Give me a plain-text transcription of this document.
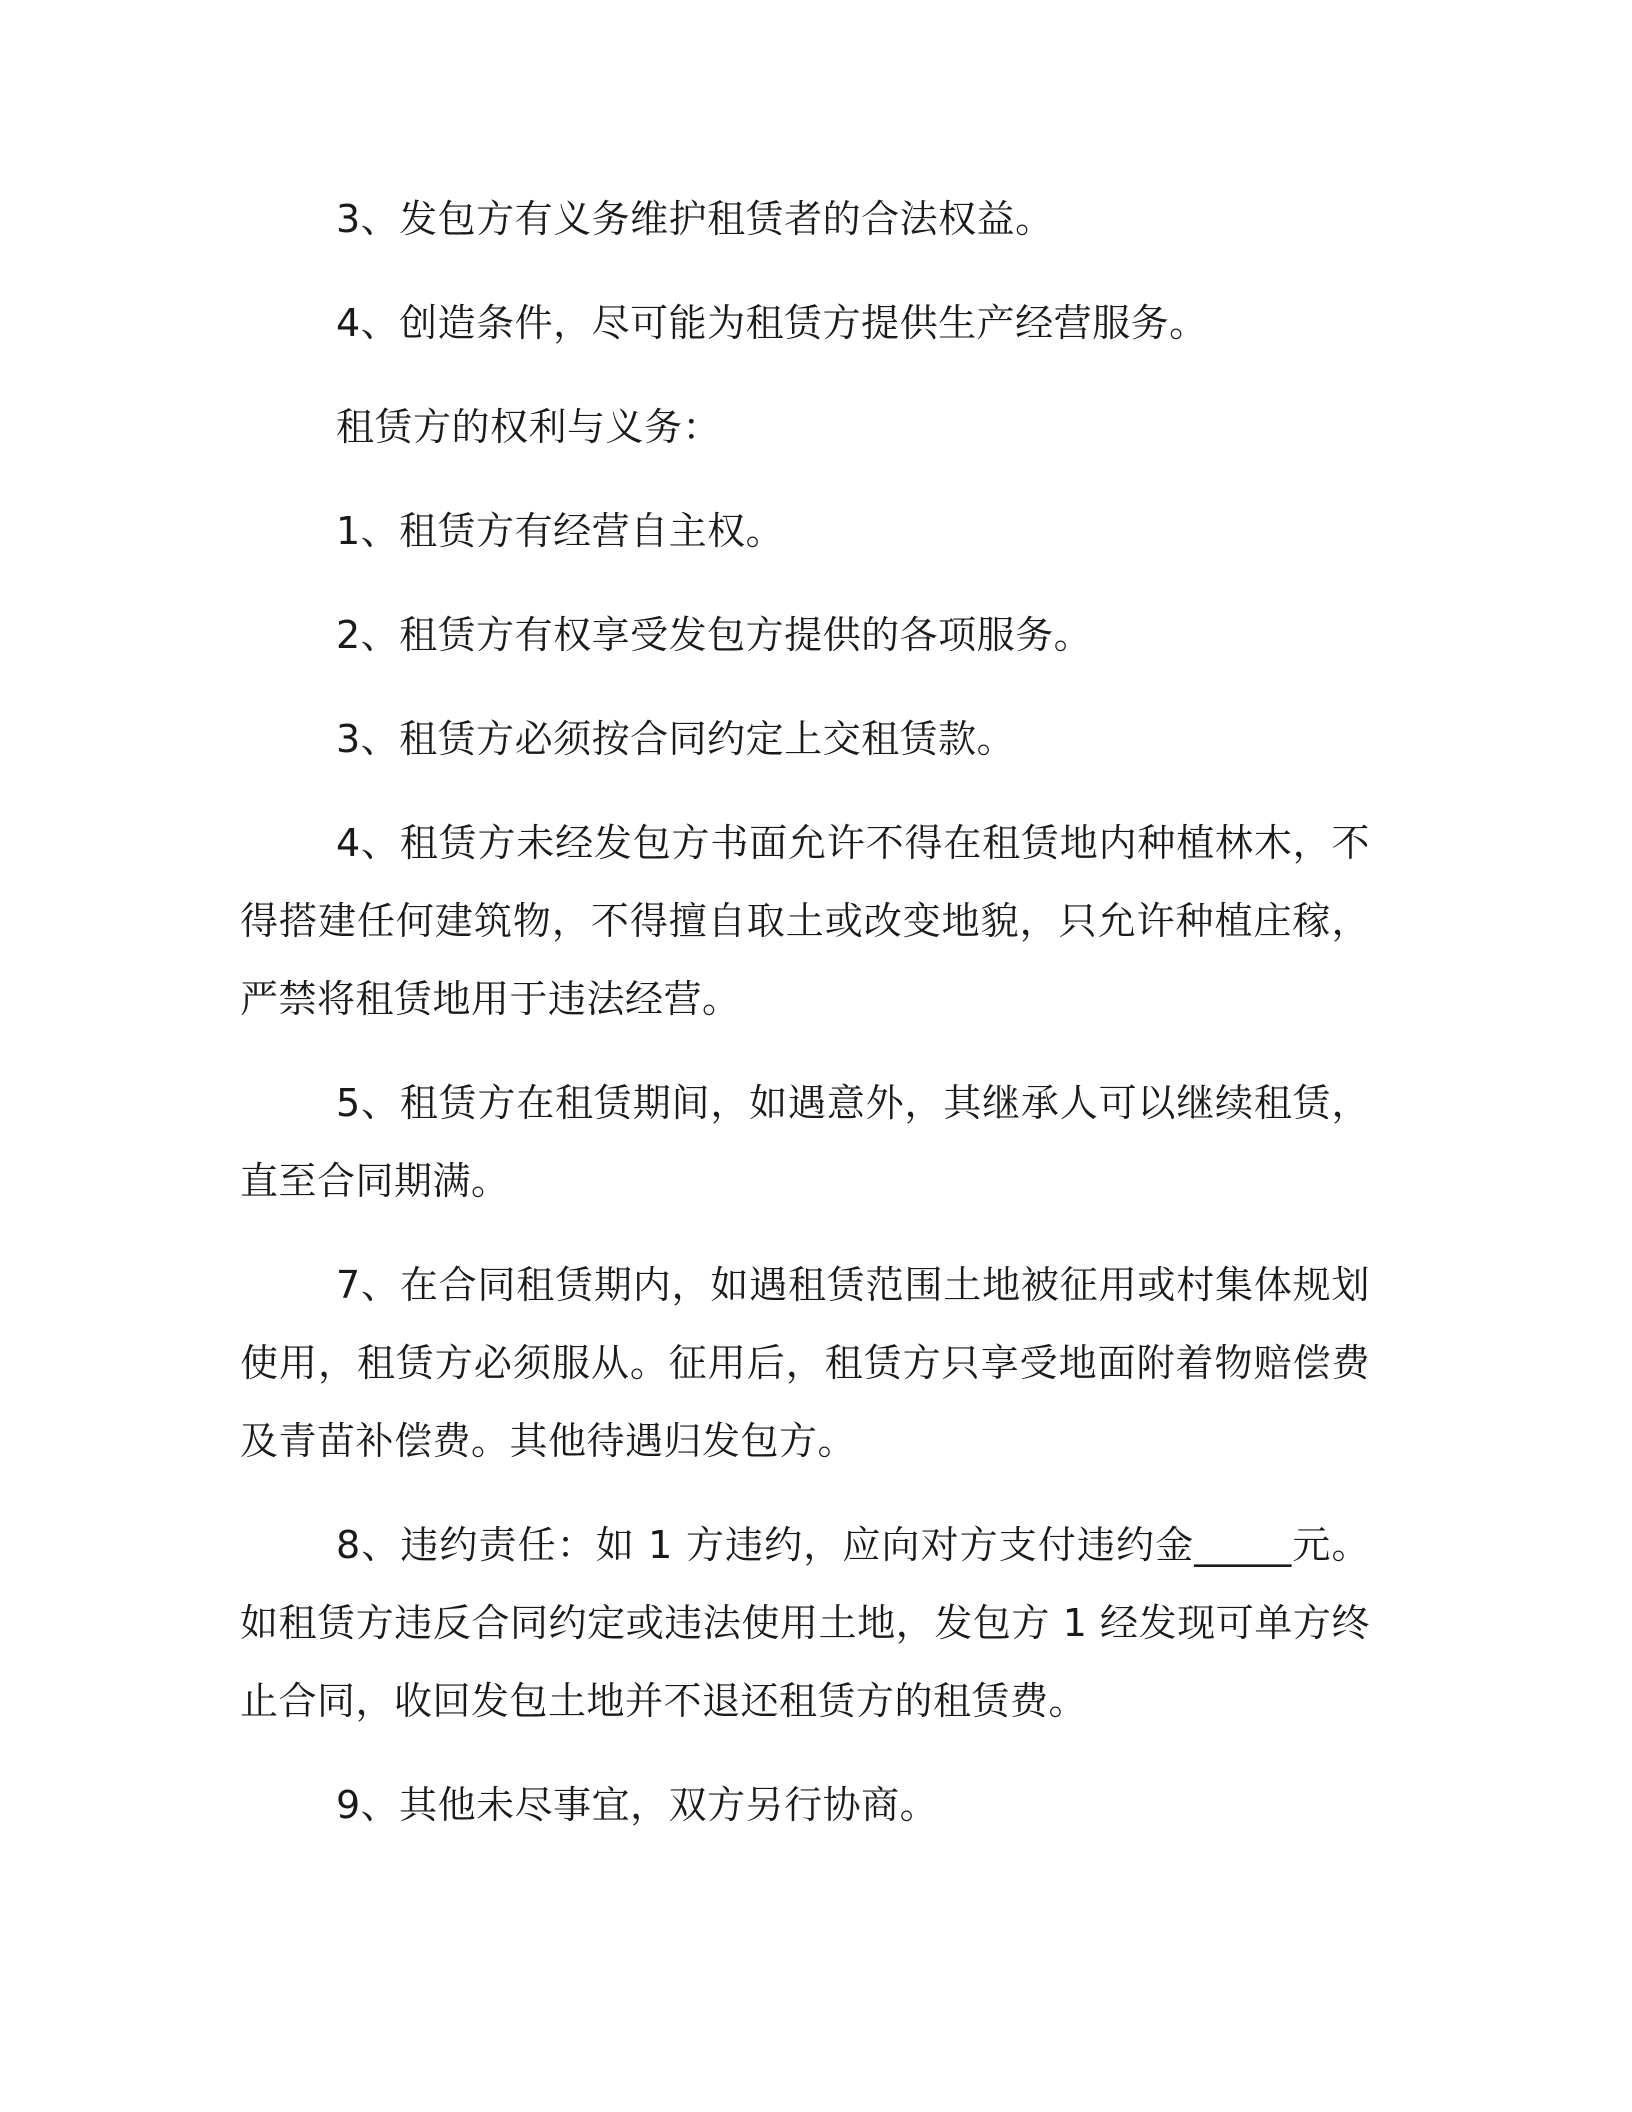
3、发包方有义务维护租赁者的合法权益。

4、创造条件，尽可能为租赁方提供生产经营服务。

租赁方的权利与义务：

1、租赁方有经营自主权。

2、租赁方有权享受发包方提供的各项服务。

3、租赁方必须按合同约定上交租赁款。

4、租赁方未经发包方书面允许不得在租赁地内种植林木，不得搭建任何建筑物，不得擅自取土或改变地貌，只允许种植庄稼，严禁将租赁地用于违法经营。

5、租赁方在租赁期间，如遇意外，其继承人可以继续租赁，直至合同期满。

7、在合同租赁期内，如遇租赁范围土地被征用或村集体规划使用，租赁方必须服从。征用后，租赁方只享受地面附着物赔偿费及青苗补偿费。其他待遇归发包方。

8、违约责任：如 1 方违约，应向对方支付违约金_____元。如租赁方违反合同约定或违法使用土地，发包方 1 经发现可单方终止合同，收回发包土地并不退还租赁方的租赁费。

9、其他未尽事宜，双方另行协商。
